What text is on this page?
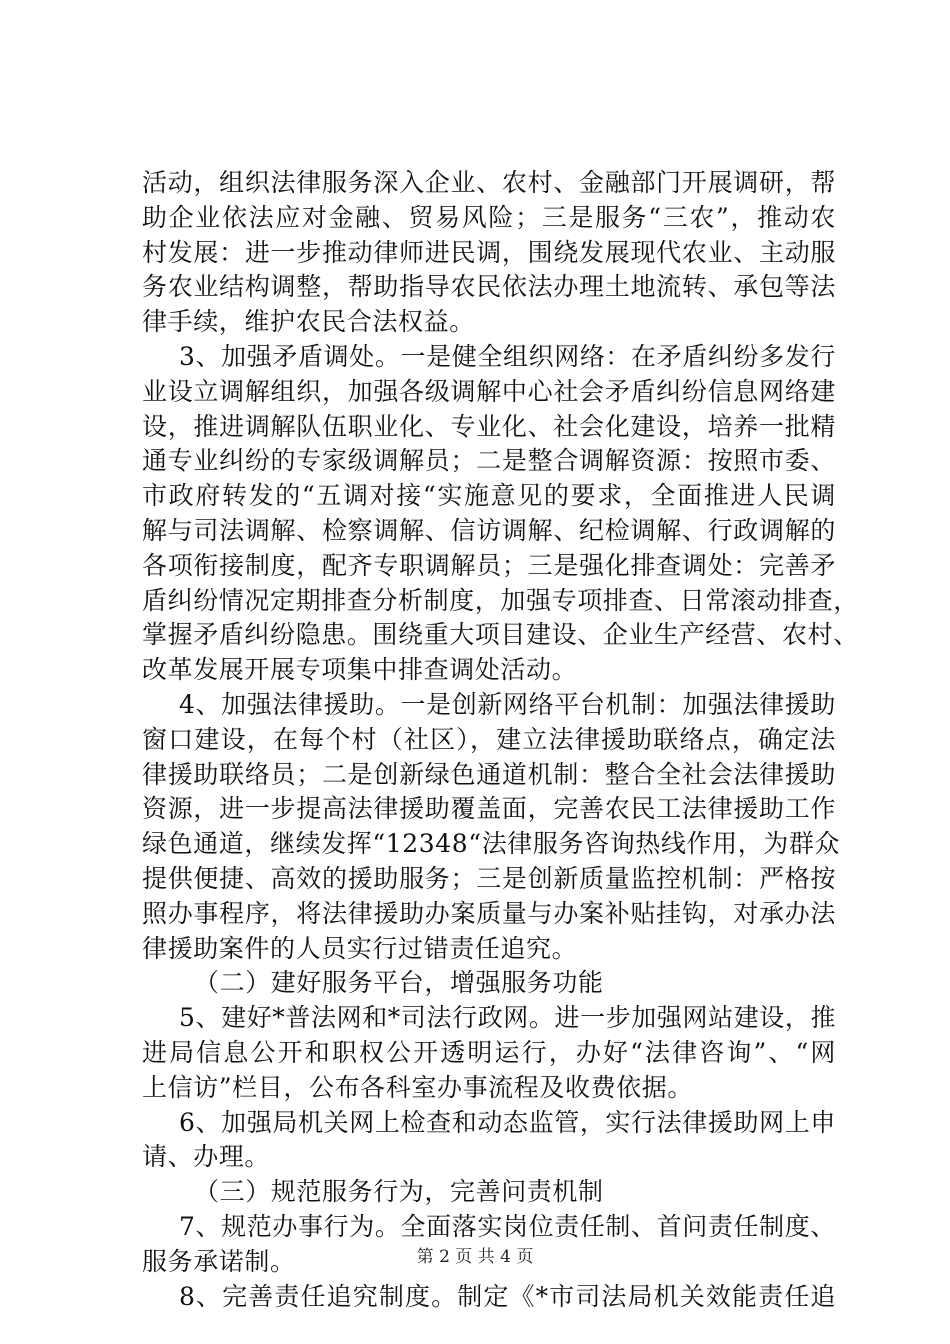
活动，组织法律服务深入企业、农村、金融部门开展调研，帮
助企业依法应对金融、贸易风险；三是服务“三农”，推动农
村发展：进一步推动律师进民调，围绕发展现代农业、主动服
务农业结构调整，帮助指导农民依法办理土地流转、承包等法
律手续，维护农民合法权益。
3、加强矛盾调处。一是健全组织网络：在矛盾纠纷多发行
业设立调解组织，加强各级调解中心社会矛盾纠纷信息网络建
设，推进调解队伍职业化、专业化、社会化建设，培养一批精
通专业纠纷的专家级调解员；二是整合调解资源：按照市委、
市政府转发的“五调对接“实施意见的要求，全面推进人民调
解与司法调解、检察调解、信访调解、纪检调解、行政调解的
各项衔接制度，配齐专职调解员；三是强化排查调处：完善矛
盾纠纷情况定期排查分析制度，加强专项排查、日常滚动排查，
掌握矛盾纠纷隐患。围绕重大项目建设、企业生产经营、农村、
改革发展开展专项集中排查调处活动。
4、加强法律援助。一是创新网络平台机制：加强法律援助
窗口建设，在每个村（社区），建立法律援助联络点，确定法
律援助联络员；二是创新绿色通道机制：整合全社会法律援助
资源，进一步提高法律援助覆盖面，完善农民工法律援助工作
绿色通道，继续发挥“12348“法律服务咨询热线作用，为群众
提供便捷、高效的援助服务；三是创新质量监控机制：严格按
照办事程序，将法律援助办案质量与办案补贴挂钩，对承办法
律援助案件的人员实行过错责任追究。
（二）建好服务平台，增强服务功能
5、建好*普法网和*司法行政网。进一步加强网站建设，推
进局信息公开和职权公开透明运行，办好“法律咨询”、“网
上信访”栏目，公布各科室办事流程及收费依据。
6、加强局机关网上检查和动态监管，实行法律援助网上申
请、办理。
（三）规范服务行为，完善问责机制
7、规范办事行为。全面落实岗位责任制、首问责任制度、
服务承诺制。
8、完善责任追究制度。制定《*市司法局机关效能责任追
第 2 页 共 4 页
